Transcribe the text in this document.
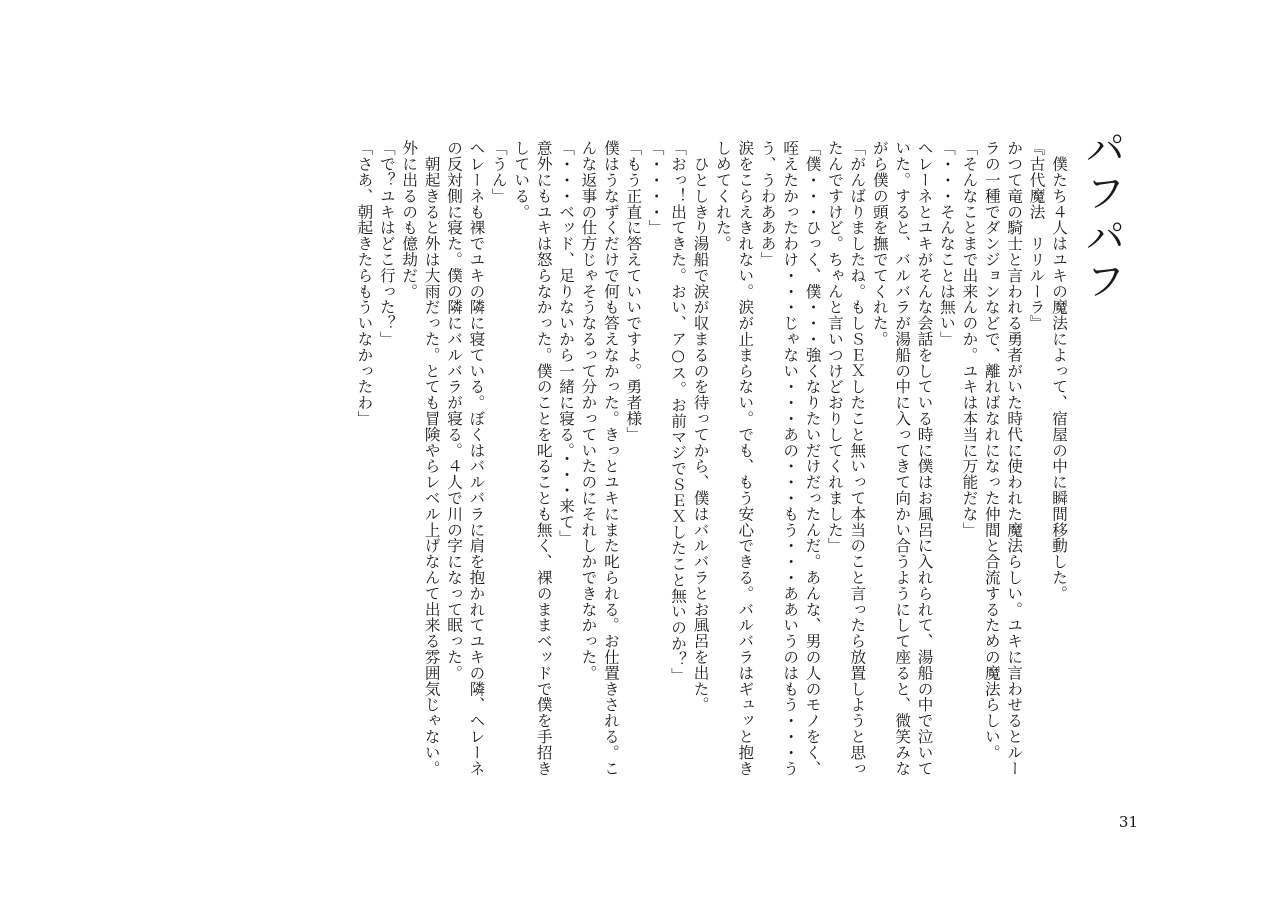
パフパフ
　僕たち４人はユキの魔法によって、宿屋の中に瞬間移動した。
『古代魔法　リリルーラ』
かつて竜の騎士と言われる勇者がいた時代に使われた魔法らしい。ユキに言わせるとルー
ラの一種でダンジョンなどで、離ればなれになった仲間と合流するための魔法らしい。
「そんなことまで出来んのか。ユキは本当に万能だな」
「・・・そんなことは無い」
ヘレーネとユキがそんな会話をしている時に僕はお風呂に入れられて、湯船の中で泣いて
いた。すると、バルバラが湯船の中に入ってきて向かい合うようにして座ると、微笑みな
がら僕の頭を撫でてくれた。
「がんばりましたね。もしＳＥＸしたこと無いって本当のこと言ったら放置しようと思っ
たんですけど。ちゃんと言いつけどおりしてくれました」
「僕・・・ひっく、僕・・・強くなりたいだけだったんだ。あんな、男の人のモノをく、
咥えたかったわけ・・・じゃない・・・あの・・・もう・・・ああいうのはもう・・・う
う、うわあああ」
涙をこらえきれない。涙が止まらない。でも、もう安心できる。バルバラはギュッと抱き
しめてくれた。
　ひとしきり湯船で涙が収まるのを待ってから、僕はバルバラとお風呂を出た。
「おっ！出てきた。おい、ア○ス。お前マジでＳＥＸしたこと無いのか？」
「・・・・」
「もう正直に答えていいですよ。勇者様」
僕はうなずくだけで何も答えなかった。きっとユキにまた叱られる。お仕置きされる。こ
んな返事の仕方じゃそうなるって分かっていたのにそれしかできなかった。
「・・・ベッド、足りないから一緒に寝る。・・・来て」
意外にもユキは怒らなかった。僕のことを叱ることも無く、裸のままベッドで僕を手招き
している。
「うん」
ヘレーネも裸でユキの隣に寝ている。ぼくはバルバラに肩を抱かれてユキの隣、ヘレーネ
の反対側に寝た。僕の隣にバルバラが寝る。４人で川の字になって眠った。
　朝起きると外は大雨だった。とても冒険やらレベル上げなんて出来る雰囲気じゃない。
外に出るのも億劫だ。
「で？ユキはどこ行った？」
「さあ、朝起きたらもういなかったわ」
31
